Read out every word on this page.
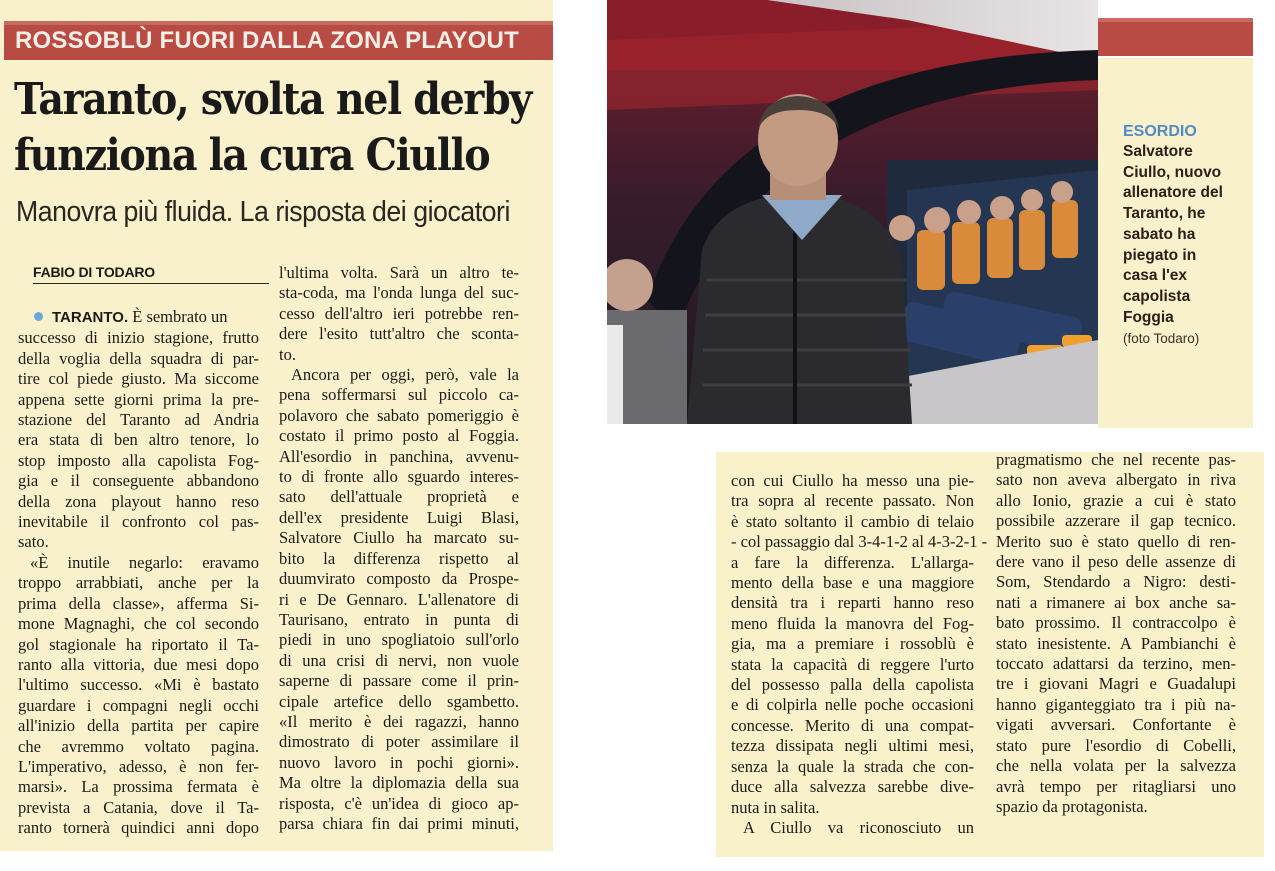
ROSSOBLÙ FUORI DALLA ZONA PLAYOUT
Taranto, svolta nel derby
funziona la cura Ciullo
Manovra più fluida. La risposta dei giocatori
FABIO DI TODARO
TARANTO. È sembrato un
successo di inizio stagione, frutto
della voglia della squadra di par-
tire col piede giusto. Ma siccome
appena sette giorni prima la pre-
stazione del Taranto ad Andria
era stata di ben altro tenore, lo
stop imposto alla capolista Fog-
gia e il conseguente abbandono
della zona playout hanno reso
inevitabile il confronto col pas-
sato.
«È inutile negarlo: eravamo
troppo arrabbiati, anche per la
prima della classe», afferma Si-
mone Magnaghi, che col secondo
gol stagionale ha riportato il Ta-
ranto alla vittoria, due mesi dopo
l'ultimo successo. «Mi è bastato
guardare i compagni negli occhi
all'inizio della partita per capire
che avremmo voltato pagina.
L'imperativo, adesso, è non fer-
marsi». La prossima fermata è
prevista a Catania, dove il Ta-
ranto tornerà quindici anni dopo
l'ultima volta. Sarà un altro te-
sta-coda, ma l'onda lunga del suc-
cesso dell'altro ieri potrebbe ren-
dere l'esito tutt'altro che sconta-
to.
Ancora per oggi, però, vale la
pena soffermarsi sul piccolo ca-
polavoro che sabato pomeriggio è
costato il primo posto al Foggia.
All'esordio in panchina, avvenu-
to di fronte allo sguardo interes-
sato dell'attuale proprietà e
dell'ex presidente Luigi Blasi,
Salvatore Ciullo ha marcato su-
bito la differenza rispetto al
duumvirato composto da Prospe-
ri e De Gennaro. L'allenatore di
Taurisano, entrato in punta di
piedi in uno spogliatoio sull'orlo
di una crisi di nervi, non vuole
saperne di passare come il prin-
cipale artefice dello sgambetto.
«Il merito è dei ragazzi, hanno
dimostrato di poter assimilare il
nuovo lavoro in pochi giorni».
Ma oltre la diplomazia della sua
risposta, c'è un'idea di gioco ap-
parsa chiara fin dai primi minuti,
con cui Ciullo ha messo una pie-
tra sopra al recente passato. Non
è stato soltanto il cambio di telaio
- col passaggio dal 3-4-1-2 al 4-3-2-1 -
a fare la differenza. L'allarga-
mento della base e una maggiore
densità tra i reparti hanno reso
meno fluida la manovra del Fog-
gia, ma a premiare i rossoblù è
stata la capacità di reggere l'urto
del possesso palla della capolista
e di colpirla nelle poche occasioni
concesse. Merito di una compat-
tezza dissipata negli ultimi mesi,
senza la quale la strada che con-
duce alla salvezza sarebbe dive-
nuta in salita.
A Ciullo va riconosciuto un
pragmatismo che nel recente pas-
sato non aveva albergato in riva
allo Ionio, grazie a cui è stato
possibile azzerare il gap tecnico.
Merito suo è stato quello di ren-
dere vano il peso delle assenze di
Som, Stendardo a Nigro: desti-
nati a rimanere ai box anche sa-
bato prossimo. Il contraccolpo è
stato inesistente. A Pambianchi è
toccato adattarsi da terzino, men-
tre i giovani Magri e Guadalupi
hanno giganteggiato tra i più na-
vigati avversari. Confortante è
stato pure l'esordio di Cobelli,
che nella volata per la salvezza
avrà tempo per ritagliarsi uno
spazio da protagonista.
ESORDIO
Salvatore
Ciullo, nuovo
allenatore del
Taranto, he
sabato ha
piegato in
casa l'ex
capolista
Foggia
(foto Todaro)
